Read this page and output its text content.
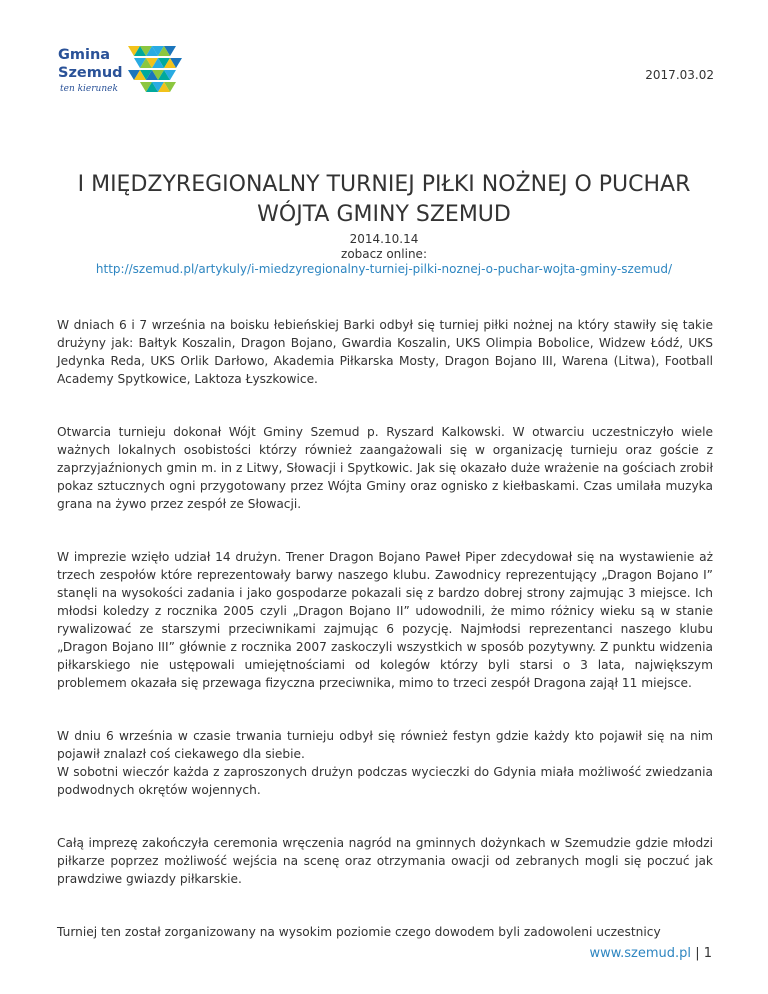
Gmina
Szemud
ten kierunek
2017.03.02
I MIĘDZYREGIONALNY TURNIEJ PIŁKI NOŻNEJ O PUCHAR WÓJTA GMINY SZEMUD
2014.10.14
zobacz online:
http://szemud.pl/artykuly/i-miedzyregionalny-turniej-pilki-noznej-o-puchar-wojta-gminy-szemud/

W dniach 6 i 7 września na boisku łebieńskiej Barki odbył się turniej piłki nożnej na który stawiły się takie drużyny jak: Bałtyk Koszalin, Dragon Bojano, Gwardia Koszalin, UKS Olimpia Bobolice, Widzew Łódź, UKS Jedynka Reda, UKS Orlik Darłowo, Akademia Piłkarska Mosty, Dragon Bojano III, Warena (Litwa), Football Academy Spytkowice, Laktoza Łyszkowice.

Otwarcia turnieju dokonał Wójt Gminy Szemud p. Ryszard Kalkowski. W otwarciu uczestniczyło wiele ważnych lokalnych osobistości którzy również zaangażowali się w organizację turnieju oraz goście z zaprzyjaźnionych gmin m. in z Litwy, Słowacji i Spytkowic. Jak się okazało duże wrażenie na gościach zrobił pokaz sztucznych ogni przygotowany przez Wójta Gminy oraz ognisko z kiełbaskami. Czas umilała muzyka grana na żywo przez zespół ze Słowacji.

W imprezie wzięło udział 14 drużyn. Trener Dragon Bojano Paweł Piper zdecydował się na wystawienie aż trzech zespołów które reprezentowały barwy naszego klubu. Zawodnicy reprezentujący „Dragon Bojano I” stanęli na wysokości zadania i jako gospodarze pokazali się z bardzo dobrej strony zajmując 3 miejsce. Ich młodsi koledzy z rocznika 2005 czyli „Dragon Bojano II” udowodnili, że mimo różnicy wieku są w stanie rywalizować ze starszymi przeciwnikami zajmując 6 pozycję. Najmłodsi reprezentanci naszego klubu „Dragon Bojano III” głównie z rocznika 2007 zaskoczyli wszystkich w sposób pozytywny. Z punktu widzenia piłkarskiego nie ustępowali umiejętnościami od kolegów którzy byli starsi o 3 lata, największym problemem okazała się przewaga fizyczna przeciwnika, mimo to trzeci zespół Dragona zajął 11 miejsce.

W dniu 6 września w czasie trwania turnieju odbył się również festyn gdzie każdy kto pojawił się na nim pojawił znalazł coś ciekawego dla siebie.

W sobotni wieczór każda z zaproszonych drużyn podczas wycieczki do Gdynia miała możliwość zwiedzania podwodnych okrętów wojennych.

Całą imprezę zakończyła ceremonia wręczenia nagród na gminnych dożynkach w Szemudzie gdzie młodzi piłkarze poprzez możliwość wejścia na scenę oraz otrzymania owacji od zebranych mogli się poczuć jak prawdziwe gwiazdy piłkarskie.

Turniej ten został zorganizowany na wysokim poziomie czego dowodem byli zadowoleni uczestnicy

www.szemud.pl | 1
